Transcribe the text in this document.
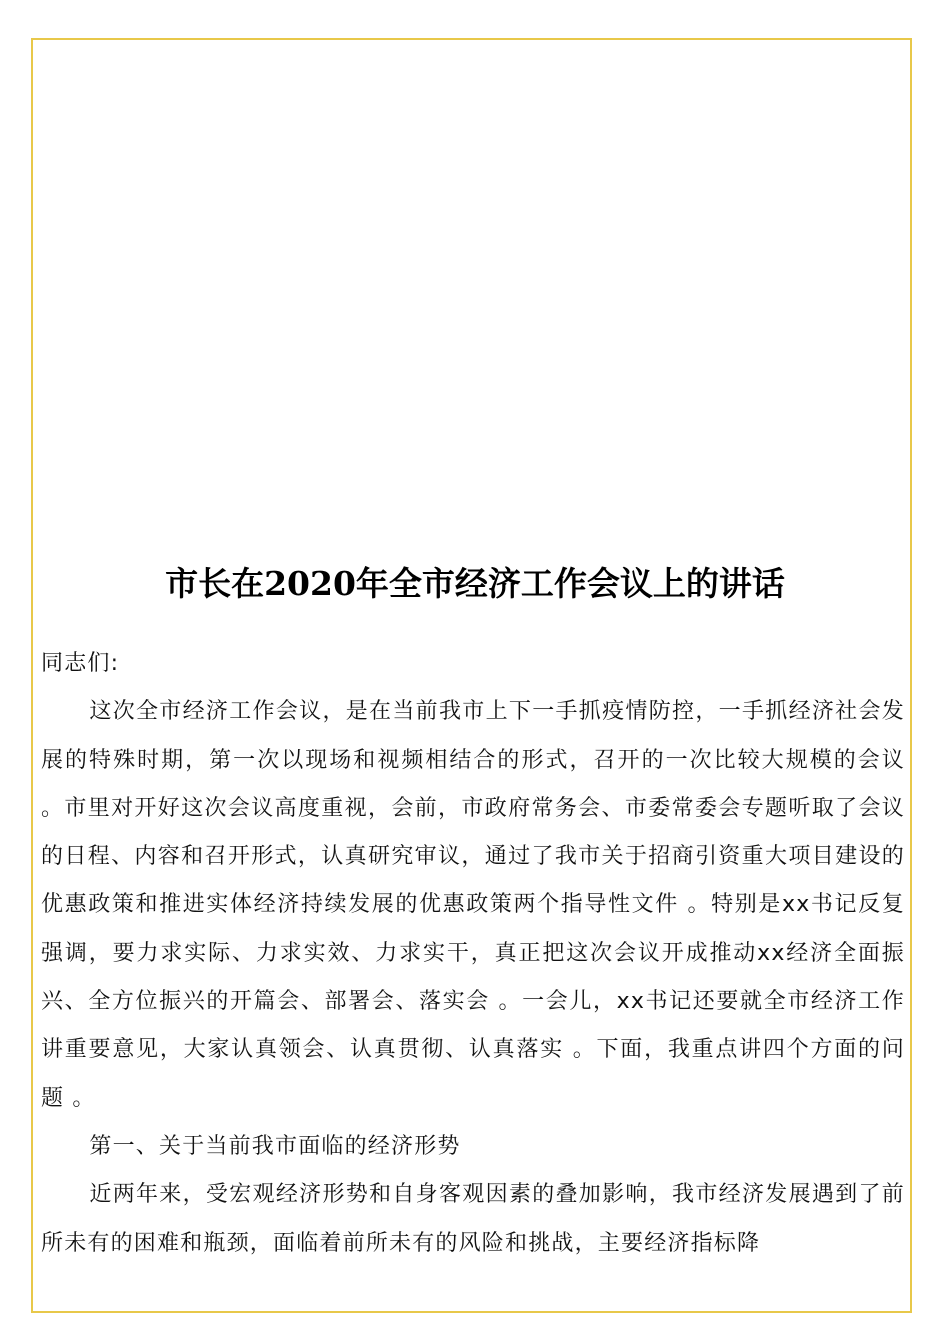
市长在2020年全市经济工作会议上的讲话

同志们:

这次全市经济工作会议，是在当前我市上下一手抓疫情防控，一手抓经济社会发展的特殊时期，第一次以现场和视频相结合的形式，召开的一次比较大规模的会议 。市里对开好这次会议高度重视，会前，市政府常务会、市委常委会专题听取了会议的日程、内容和召开形式，认真研究审议，通过了我市关于招商引资重大项目建设的优惠政策和推进实体经济持续发展的优惠政策两个指导性文件 。特别是xx书记反复强调，要力求实际、力求实效、力求实干，真正把这次会议开成推动xx经济全面振兴、全方位振兴的开篇会、部署会、落实会 。一会儿，xx书记还要就全市经济工作讲重要意见，大家认真领会、认真贯彻、认真落实 。下面，我重点讲四个方面的问题 。

第一、关于当前我市面临的经济形势

近两年来，受宏观经济形势和自身客观因素的叠加影响，我市经济发展遇到了前所未有的困难和瓶颈，面临着前所未有的风险和挑战，主要经济指标降
